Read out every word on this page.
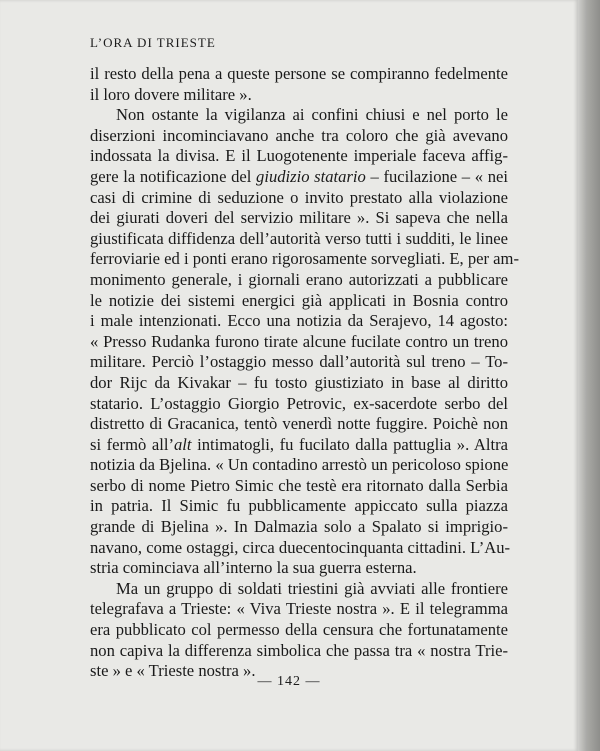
L’ORA DI TRIESTE
il resto della pena a queste persone se compiranno fedelmente
il loro dovere militare ».
Non ostante la vigilanza ai confini chiusi e nel porto le
diserzioni incominciavano anche tra coloro che già avevano
indossata la divisa. E il Luogotenente imperiale faceva affig-
gere la notificazione del giudizio statario – fucilazione – « nei
casi di crimine di seduzione o invito prestato alla violazione
dei giurati doveri del servizio militare ». Si sapeva che nella
giustificata diffidenza dell’autorità verso tutti i sudditi, le linee
ferroviarie ed i ponti erano rigorosamente sorvegliati. E, per am-
monimento generale, i giornali erano autorizzati a pubblicare
le notizie dei sistemi energici già applicati in Bosnia contro
i male intenzionati. Ecco una notizia da Serajevo, 14 agosto:
« Presso Rudanka furono tirate alcune fucilate contro un treno
militare. Perciò l’ostaggio messo dall’autorità sul treno – To-
dor Rijc da Kivakar – fu tosto giustiziato in base al diritto
statario. L’ostaggio Giorgio Petrovic, ex-sacerdote serbo del
distretto di Gracanica, tentò venerdì notte fuggire. Poichè non
si fermò all’alt intimatogli, fu fucilato dalla pattuglia ». Altra
notizia da Bjelina. « Un contadino arrestò un pericoloso spione
serbo di nome Pietro Simic che testè era ritornato dalla Serbia
in patria. Il Simic fu pubblicamente appiccato sulla piazza
grande di Bjelina ». In Dalmazia solo a Spalato si imprigio-
navano, come ostaggi, circa duecentocinquanta cittadini. L’Au-
stria cominciava all’interno la sua guerra esterna.
Ma un gruppo di soldati triestini già avviati alle frontiere
telegrafava a Trieste: « Viva Trieste nostra ». E il telegramma
era pubblicato col permesso della censura che fortunatamente
non capiva la differenza simbolica che passa tra « nostra Trie-
ste » e « Trieste nostra ».
— 142 —
